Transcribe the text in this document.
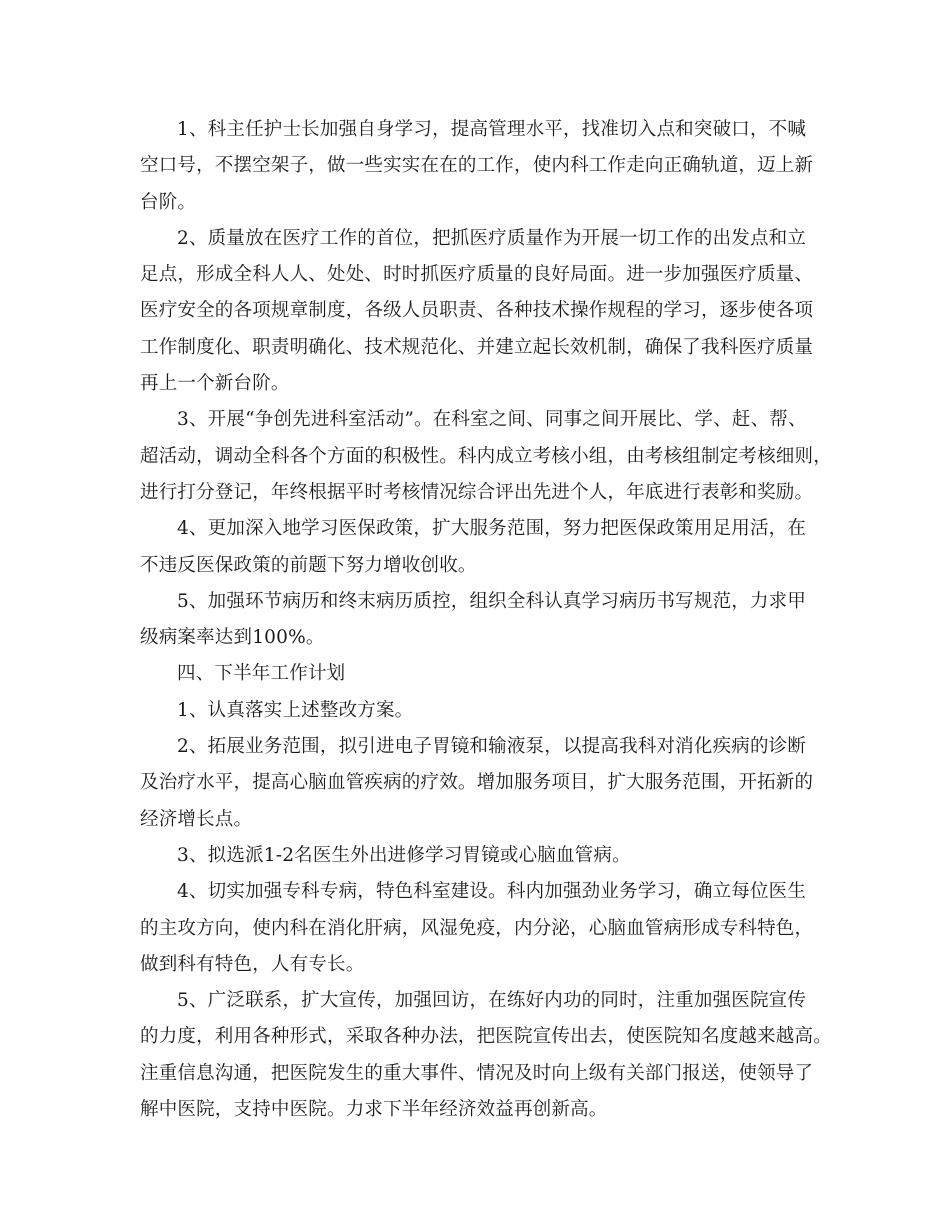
1、科主任护士长加强自身学习，提高管理水平，找准切入点和突破口，不喊
空口号，不摆空架子，做一些实实在在的工作，使内科工作走向正确轨道，迈上新
台阶。
2、质量放在医疗工作的首位，把抓医疗质量作为开展一切工作的出发点和立
足点，形成全科人人、处处、时时抓医疗质量的良好局面。进一步加强医疗质量、
医疗安全的各项规章制度，各级人员职责、各种技术操作规程的学习，逐步使各项
工作制度化、职责明确化、技术规范化、并建立起长效机制，确保了我科医疗质量
再上一个新台阶。
3、开展“争创先进科室活动”。在科室之间、同事之间开展比、学、赶、帮、
超活动，调动全科各个方面的积极性。科内成立考核小组，由考核组制定考核细则，
进行打分登记，年终根据平时考核情况综合评出先进个人，年底进行表彰和奖励。
4、更加深入地学习医保政策，扩大服务范围，努力把医保政策用足用活，在
不违反医保政策的前题下努力增收创收。
5、加强环节病历和终末病历质控，组织全科认真学习病历书写规范，力求甲
级病案率达到100%。
四、下半年工作计划
1、认真落实上述整改方案。
2、拓展业务范围，拟引进电子胃镜和输液泵，以提高我科对消化疾病的诊断
及治疗水平，提高心脑血管疾病的疗效。增加服务项目，扩大服务范围，开拓新的
经济增长点。
3、拟选派1-2名医生外出进修学习胃镜或心脑血管病。
4、切实加强专科专病，特色科室建设。科内加强劲业务学习，确立每位医生
的主攻方向，使内科在消化肝病，风湿免疫，内分泌，心脑血管病形成专科特色，
做到科有特色，人有专长。
5、广泛联系，扩大宣传，加强回访，在练好内功的同时，注重加强医院宣传
的力度，利用各种形式，采取各种办法，把医院宣传出去，使医院知名度越来越高。
注重信息沟通，把医院发生的重大事件、情况及时向上级有关部门报送，使领导了
解中医院，支持中医院。力求下半年经济效益再创新高。
